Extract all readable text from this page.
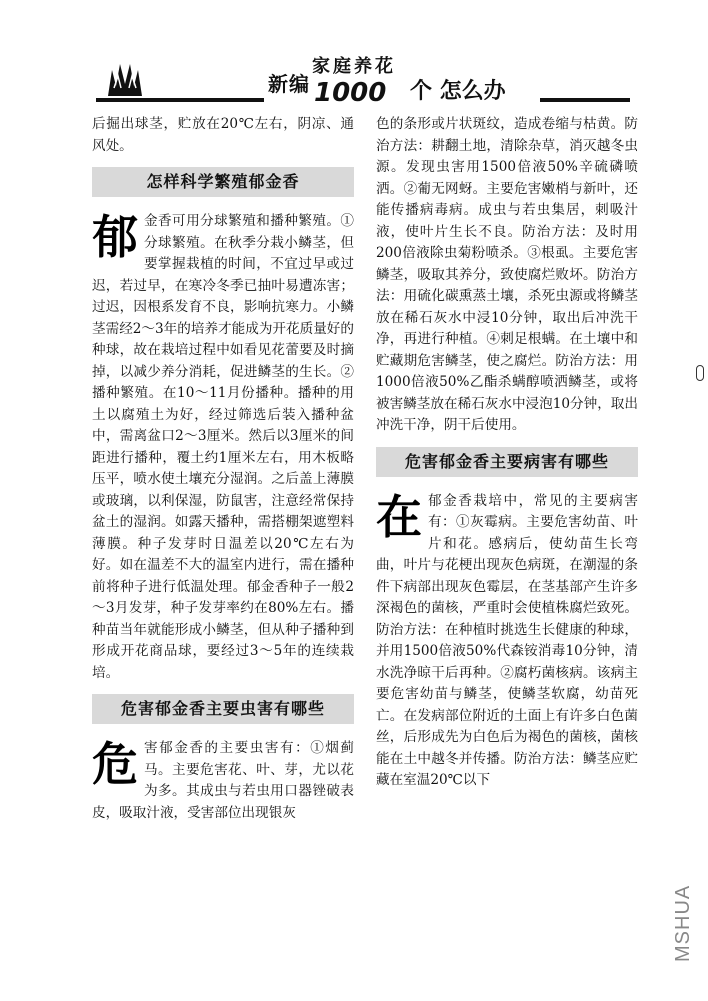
新编
家庭养花
1000 个 怎么办

后掘出球茎，贮放在20℃左右，阴凉、通风处。

怎样科学繁殖郁金香

郁 金香可用分球繁殖和播种繁殖。①分球繁殖。在秋季分栽小鳞茎，但要掌握栽植的时间，不宜过早或过迟，若过早，在寒冷冬季已抽叶易遭冻害；过迟，因根系发育不良，影响抗寒力。小鳞茎需经2～3年的培养才能成为开花质量好的种球，故在栽培过程中如看见花蕾要及时摘掉，以减少养分消耗，促进鳞茎的生长。②播种繁殖。在10～11月份播种。播种的用土以腐殖土为好，经过筛选后装入播种盆中，需离盆口2～3厘米。然后以3厘米的间距进行播种，覆土约1厘米左右，用木板略压平，喷水使土壤充分湿润。之后盖上薄膜或玻璃，以利保湿，防鼠害，注意经常保持盆土的湿润。如露天播种，需搭棚架遮塑料薄膜。种子发芽时日温差以20℃左右为好。如在温差不大的温室内进行，需在播种前将种子进行低温处理。郁金香种子一般2～3月发芽，种子发芽率约在80%左右。播种苗当年就能形成小鳞茎，但从种子播种到形成开花商品球，要经过3～5年的连续栽培。

危害郁金香主要虫害有哪些

危 害郁金香的主要虫害有：①烟蓟马。主要危害花、叶、芽，尤以花为多。其成虫与若虫用口器锉破表皮，吸取汁液，受害部位出现银灰

色的条形或片状斑纹，造成卷缩与枯黄。防治方法：耕翻土地，清除杂草，消灭越冬虫源。发现虫害用1500倍液50%辛硫磷喷洒。②葡无网蚜。主要危害嫩梢与新叶，还能传播病毒病。成虫与若虫集居，刺吸汁液，使叶片生长不良。防治方法：及时用200倍液除虫菊粉喷杀。③根虱。主要危害鳞茎，吸取其养分，致使腐烂败坏。防治方法：用硫化碳熏蒸土壤，杀死虫源或将鳞茎放在稀石灰水中浸10分钟，取出后冲洗干净，再进行种植。④刺足根螨。在土壤中和贮藏期危害鳞茎，使之腐烂。防治方法：用1000倍液50%乙酯杀螨醇喷洒鳞茎，或将被害鳞茎放在稀石灰水中浸泡10分钟，取出冲洗干净，阴干后使用。

危害郁金香主要病害有哪些

在 郁金香栽培中，常见的主要病害有：①灰霉病。主要危害幼苗、叶片和花。感病后，使幼苗生长弯曲，叶片与花梗出现灰色病斑，在潮湿的条件下病部出现灰色霉层，在茎基部产生许多深褐色的菌核，严重时会使植株腐烂致死。防治方法：在种植时挑选生长健康的种球，并用1500倍液50%代森铵消毒10分钟，清水洗净晾干后再种。②腐朽菌核病。该病主要危害幼苗与鳞茎，使鳞茎软腐，幼苗死亡。在发病部位附近的土面上有许多白色菌丝，后形成先为白色后为褐色的菌核，菌核能在土中越冬并传播。防治方法：鳞茎应贮藏在室温20℃以下

MSHUA
